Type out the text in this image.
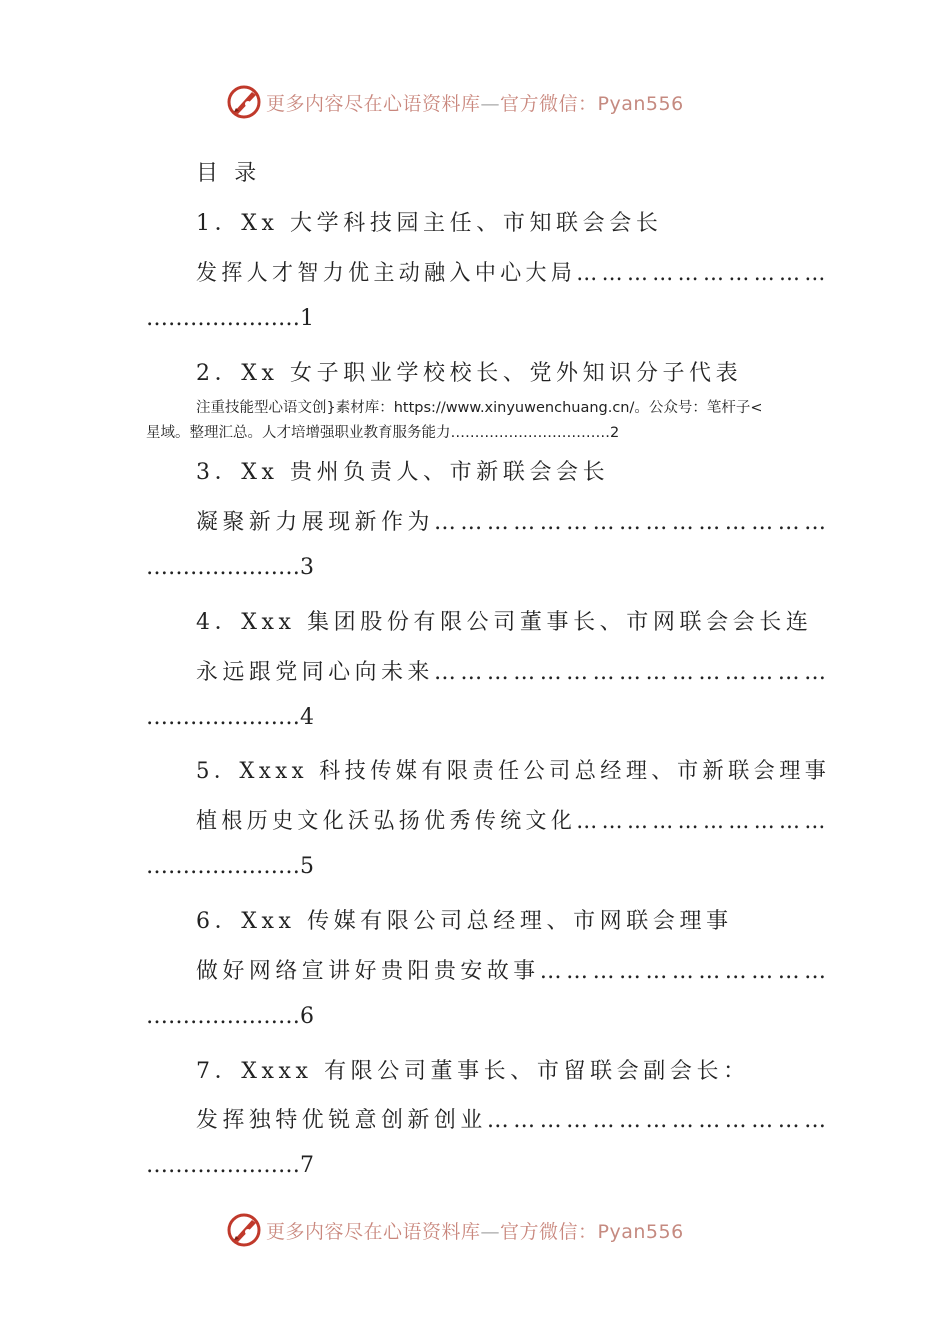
更多内容尽在心语资料库—官方微信：Pyan556
目 录
1．Xx 大学科技园主任、市知联会会长
发挥人才智力优主动融入中心大局…………………………
…………………1
2．Xx 女子职业学校校长、党外知识分子代表
注重技能型心语文创}素材库：https://www.xinyuwenchuang.cn/。公众号：笔杆子<
星域。整理汇总。人才培增强职业教育服务能力……………………………2
3．Xx 贵州负责人、市新联会会长
凝聚新力展现新作为………………………………………
…………………3
4．Xxx 集团股份有限公司董事长、市网联会会长连
永远跟党同心向未来………………………………………
…………………4
5．Xxxx 科技传媒有限责任公司总经理、市新联会理事
植根历史文化沃弘扬优秀传统文化…………………………
…………………5
6．Xxx 传媒有限公司总经理、市网联会理事
做好网络宣讲好贵阳贵安故事……………………………
…………………6
7．Xxxx 有限公司董事长、市留联会副会长：
发挥独特优锐意创新创业…………………………………
…………………7
更多内容尽在心语资料库—官方微信：Pyan556
